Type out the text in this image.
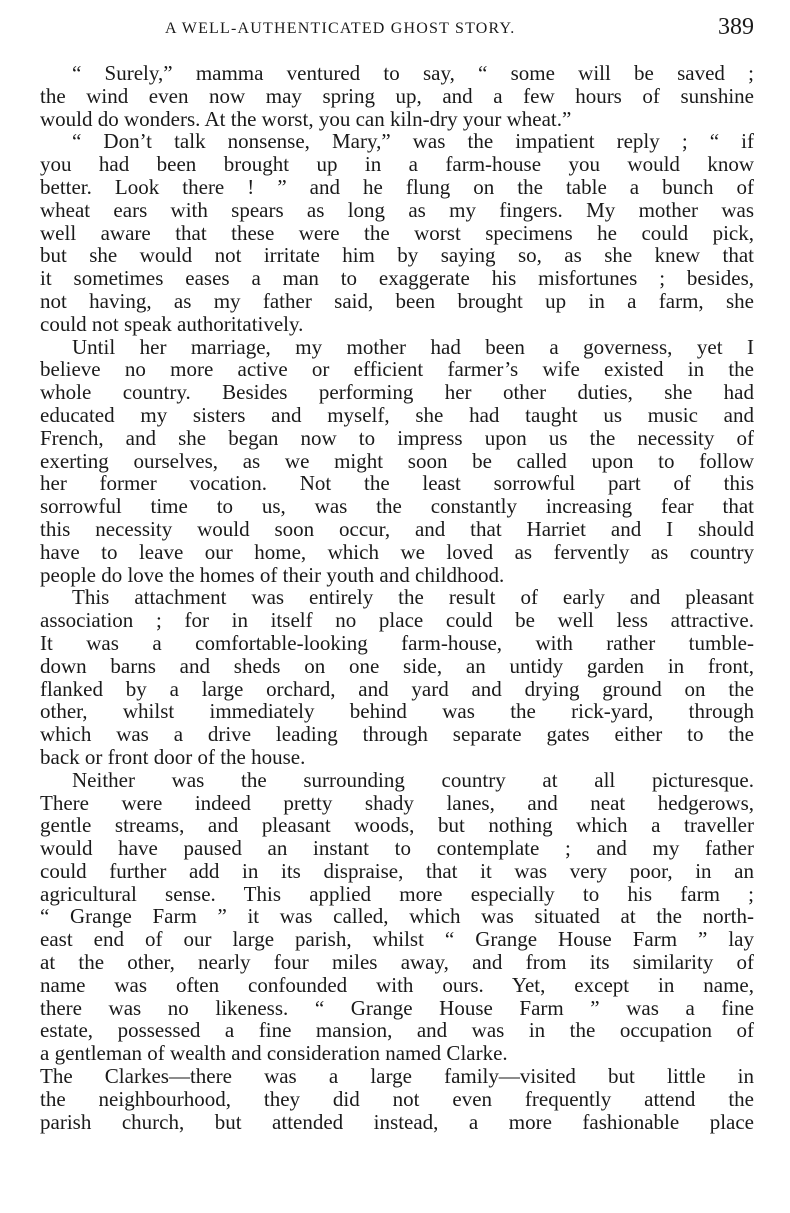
A WELL-AUTHENTICATED GHOST STORY.	389
“ Surely,” mamma ventured to say, “ some will be saved ;
the wind even now may spring up, and a few hours of sunshine
would do wonders. At the worst, you can kiln-dry your wheat.”
“ Don’t talk nonsense, Mary,” was the impatient reply ; “ if
you had been brought up in a farm-house you would know
better. Look there ! ” and he flung on the table a bunch of
wheat ears with spears as long as my fingers. My mother was
well aware that these were the worst specimens he could pick,
but she would not irritate him by saying so, as she knew that
it sometimes eases a man to exaggerate his misfortunes ; besides,
not having, as my father said, been brought up in a farm, she
could not speak authoritatively.
Until her marriage, my mother had been a governess, yet I
believe no more active or efficient farmer’s wife existed in the
whole country. Besides performing her other duties, she had
educated my sisters and myself, she had taught us music and
French, and she began now to impress upon us the necessity of
exerting ourselves, as we might soon be called upon to follow
her former vocation. Not the least sorrowful part of this
sorrowful time to us, was the constantly increasing fear that
this necessity would soon occur, and that Harriet and I should
have to leave our home, which we loved as fervently as country
people do love the homes of their youth and childhood.
This attachment was entirely the result of early and pleasant
association ; for in itself no place could be well less attractive.
It was a comfortable-looking farm-house, with rather tumble-
down barns and sheds on one side, an untidy garden in front,
flanked by a large orchard, and yard and drying ground on the
other, whilst immediately behind was the rick-yard, through
which was a drive leading through separate gates either to the
back or front door of the house.
Neither was the surrounding country at all picturesque.
There were indeed pretty shady lanes, and neat hedgerows,
gentle streams, and pleasant woods, but nothing which a traveller
would have paused an instant to contemplate ; and my father
could further add in its dispraise, that it was very poor, in an
agricultural sense. This applied more especially to his farm ;
“ Grange Farm ” it was called, which was situated at the north-
east end of our large parish, whilst “ Grange House Farm ” lay
at the other, nearly four miles away, and from its similarity of
name was often confounded with ours. Yet, except in name,
there was no likeness. “ Grange House Farm ” was a fine
estate, possessed a fine mansion, and was in the occupation of
a gentleman of wealth and consideration named Clarke.
The Clarkes—there was a large family—visited but little in
the neighbourhood, they did not even frequently attend the
parish church, but attended instead, a more fashionable place
